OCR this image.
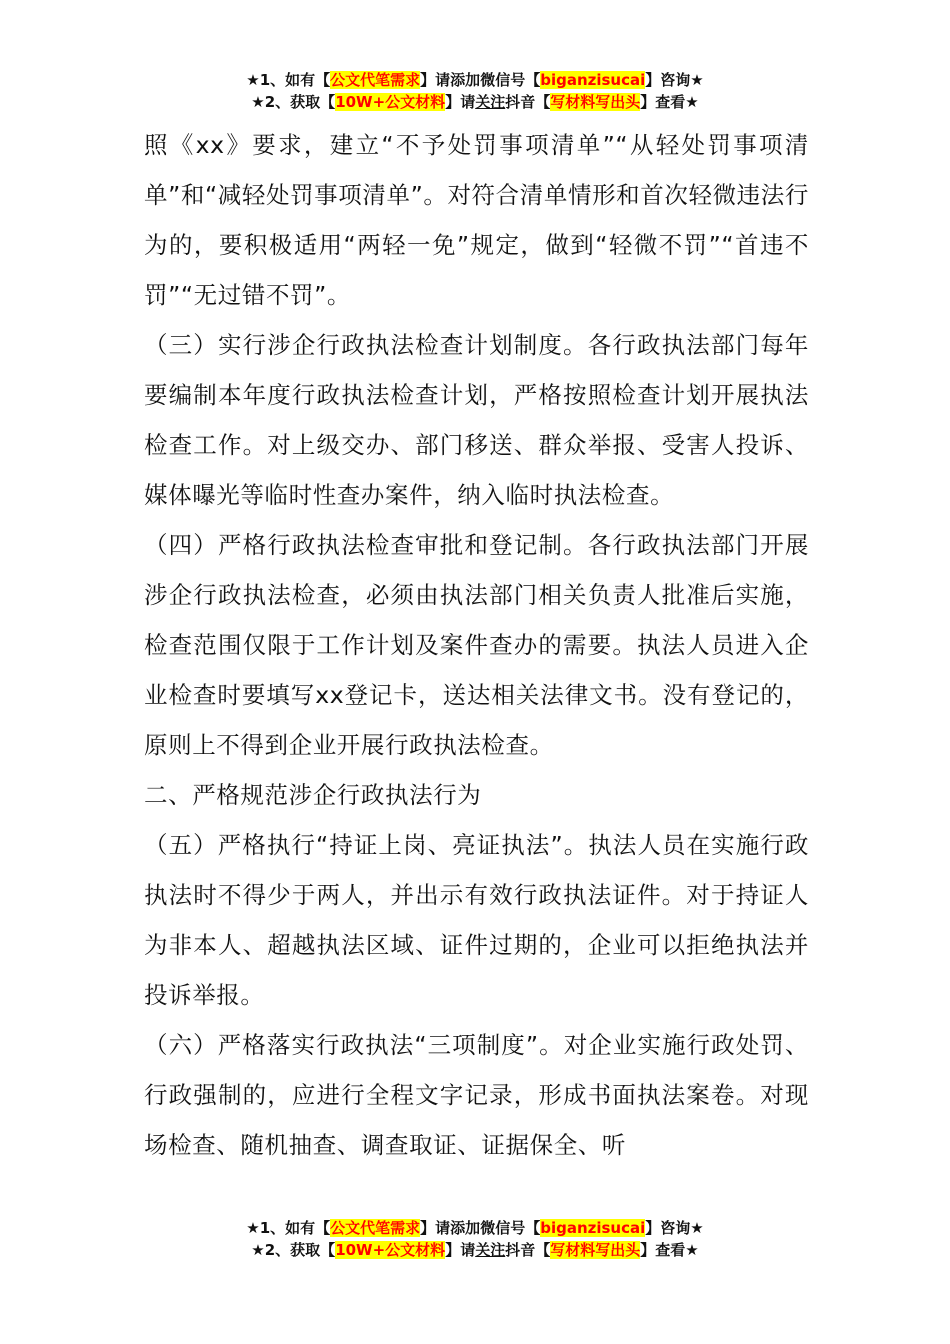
★1、如有【公文代笔需求】请添加微信号【biganzisucai】咨询★
★2、获取【10W+公文材料】请关注抖音【写材料写出头】查看★

照《xx》要求，建立“不予处罚事项清单”“从轻处罚事项清单”和“减轻处罚事项清单”。对符合清单情形和首次轻微违法行为的，要积极适用“两轻一免”规定，做到“轻微不罚”“首违不罚”“无过错不罚”。

（三）实行涉企行政执法检查计划制度。各行政执法部门每年要编制本年度行政执法检查计划，严格按照检查计划开展执法检查工作。对上级交办、部门移送、群众举报、受害人投诉、媒体曝光等临时性查办案件，纳入临时执法检查。

（四）严格行政执法检查审批和登记制。各行政执法部门开展涉企行政执法检查，必须由执法部门相关负责人批准后实施，检查范围仅限于工作计划及案件查办的需要。执法人员进入企业检查时要填写xx登记卡，送达相关法律文书。没有登记的，原则上不得到企业开展行政执法检查。

二、严格规范涉企行政执法行为

（五）严格执行“持证上岗、亮证执法”。执法人员在实施行政执法时不得少于两人，并出示有效行政执法证件。对于持证人为非本人、超越执法区域、证件过期的，企业可以拒绝执法并投诉举报。

（六）严格落实行政执法“三项制度”。对企业实施行政处罚、行政强制的，应进行全程文字记录，形成书面执法案卷。对现场检查、随机抽查、调查取证、证据保全、听

★1、如有【公文代笔需求】请添加微信号【biganzisucai】咨询★
★2、获取【10W+公文材料】请关注抖音【写材料写出头】查看★
